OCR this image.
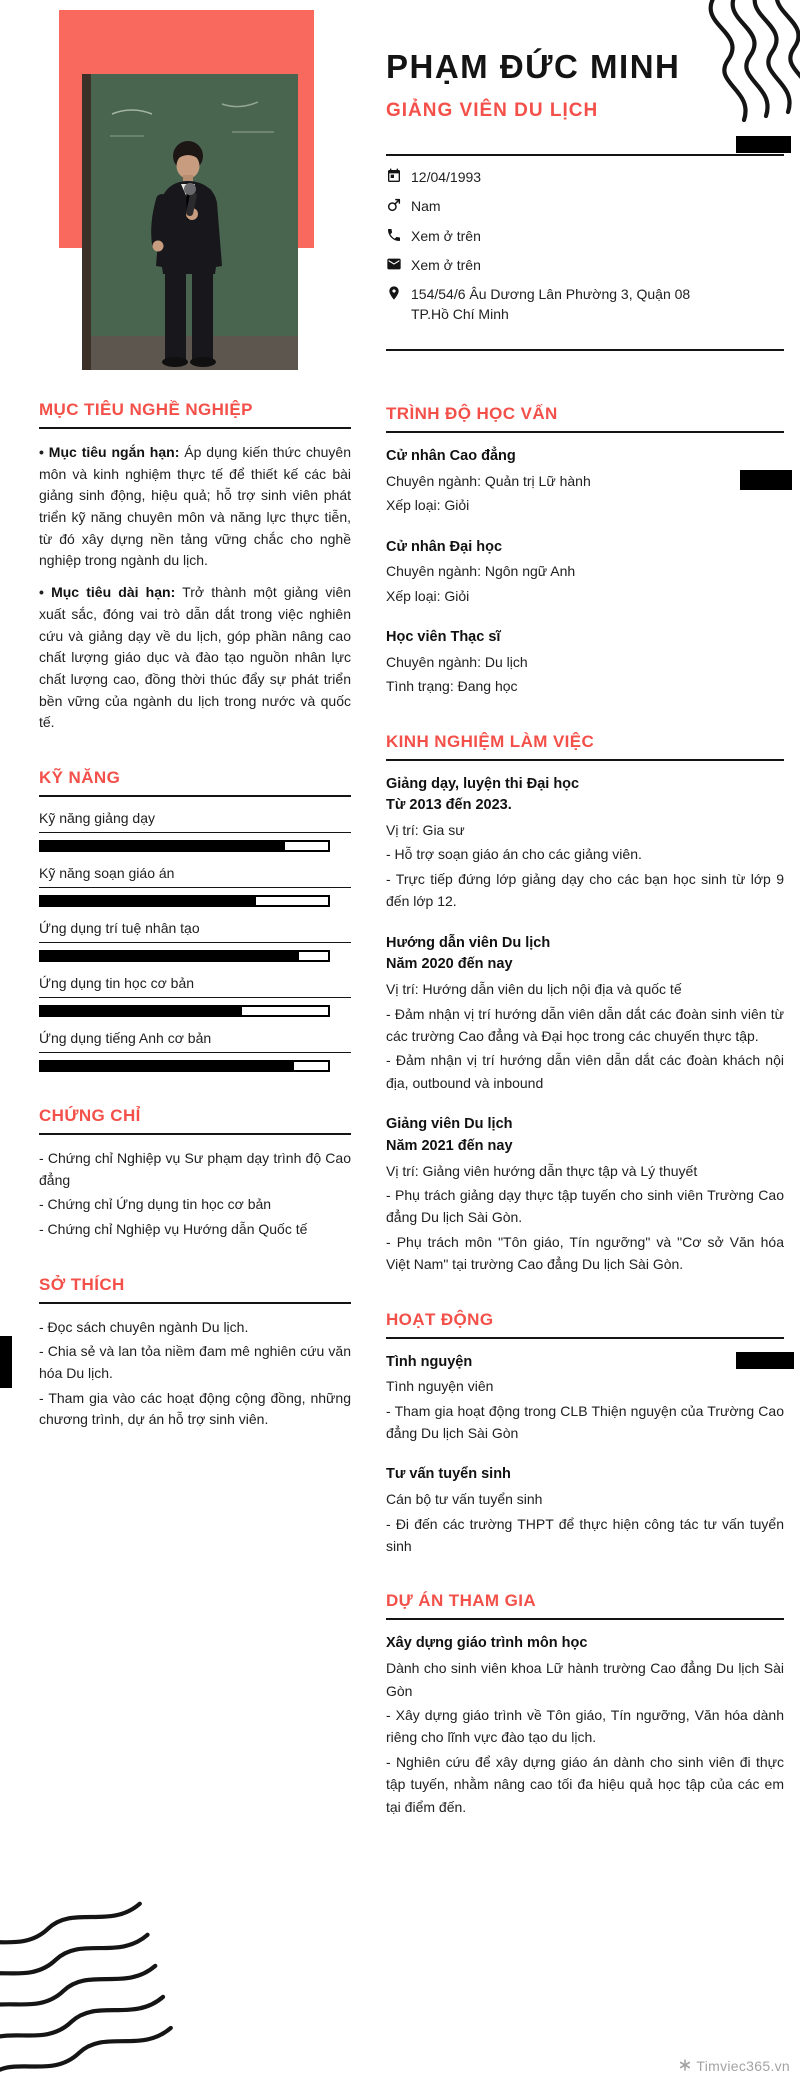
PHẠM ĐỨC MINH
GIẢNG VIÊN DU LỊCH
12/04/1993
Nam
Xem ở trên
Xem ở trên
154/54/6 Âu Dương Lân Phường 3, Quận 08 TP.Hồ Chí Minh
MỤC TIÊU NGHỀ NGHIỆP

• Mục tiêu ngắn hạn: Áp dụng kiến thức chuyên môn và kinh nghiệm thực tế để thiết kế các bài giảng sinh động, hiệu quả; hỗ trợ sinh viên phát triển kỹ năng chuyên môn và năng lực thực tiễn, từ đó xây dựng nền tảng vững chắc cho nghề nghiệp trong ngành du lịch.

• Mục tiêu dài hạn: Trở thành một giảng viên xuất sắc, đóng vai trò dẫn dắt trong việc nghiên cứu và giảng dạy về du lịch, góp phần nâng cao chất lượng giáo dục và đào tạo nguồn nhân lực chất lượng cao, đồng thời thúc đẩy sự phát triển bền vững của ngành du lịch trong nước và quốc tế.

KỸ NĂNG
Kỹ năng giảng dạy
Kỹ năng soạn giáo án
Ứng dụng trí tuệ nhân tạo
Ứng dụng tin học cơ bản
Ứng dụng tiếng Anh cơ bản
CHỨNG CHỈ
- Chứng chỉ Nghiệp vụ Sư phạm dạy trình độ Cao đẳng
- Chứng chỉ Ứng dụng tin học cơ bản
- Chứng chỉ Nghiệp vụ Hướng dẫn Quốc tế
SỞ THÍCH
- Đọc sách chuyên ngành Du lịch.
- Chia sẻ và lan tỏa niềm đam mê nghiên cứu văn hóa Du lịch.
- Tham gia vào các hoạt động cộng đồng, những chương trình, dự án hỗ trợ sinh viên.
TRÌNH ĐỘ HỌC VẤN
Cử nhân Cao đẳng
Chuyên ngành: Quản trị Lữ hành
Xếp loại: Giỏi
Cử nhân Đại học
Chuyên ngành: Ngôn ngữ Anh
Xếp loại: Giỏi
Học viên Thạc sĩ
Chuyên ngành: Du lịch
Tình trạng: Đang học
KINH NGHIỆM LÀM VIỆC
Giảng dạy, luyện thi Đại học
Từ 2013 đến 2023.
Vị trí: Gia sư
- Hỗ trợ soạn giáo án cho các giảng viên.
- Trực tiếp đứng lớp giảng dạy cho các bạn học sinh từ lớp 9 đến lớp 12.
Hướng dẫn viên Du lịch
Năm 2020 đến nay
Vị trí: Hướng dẫn viên du lịch nội địa và quốc tế
- Đảm nhận vị trí hướng dẫn viên dẫn dắt các đoàn sinh viên từ các trường Cao đẳng và Đại học trong các chuyến thực tập.
- Đảm nhận vị trí hướng dẫn viên dẫn dắt các đoàn khách nội địa, outbound và inbound
Giảng viên Du lịch
Năm 2021 đến nay
Vị trí: Giảng viên hướng dẫn thực tập và Lý thuyết
- Phụ trách giảng dạy thực tập tuyến cho sinh viên Trường Cao đẳng Du lịch Sài Gòn.
- Phụ trách môn "Tôn giáo, Tín ngưỡng" và "Cơ sở Văn hóa Việt Nam" tại trường Cao đẳng Du lịch Sài Gòn.
HOẠT ĐỘNG
Tình nguyện
Tình nguyện viên
- Tham gia hoạt động trong CLB Thiện nguyện của Trường Cao đẳng Du lịch Sài Gòn
Tư vấn tuyển sinh
Cán bộ tư vấn tuyển sinh
- Đi đến các trường THPT để thực hiện công tác tư vấn tuyển sinh
DỰ ÁN THAM GIA
Xây dựng giáo trình môn học
Dành cho sinh viên khoa Lữ hành trường Cao đẳng Du lịch Sài Gòn
- Xây dựng giáo trình về Tôn giáo, Tín ngưỡng, Văn hóa dành riêng cho lĩnh vực đào tạo du lịch.
- Nghiên cứu để xây dựng giáo án dành cho sinh viên đi thực tập tuyến, nhằm nâng cao tối đa hiệu quả học tập của các em tại điểm đến.
Timviec365.vn
